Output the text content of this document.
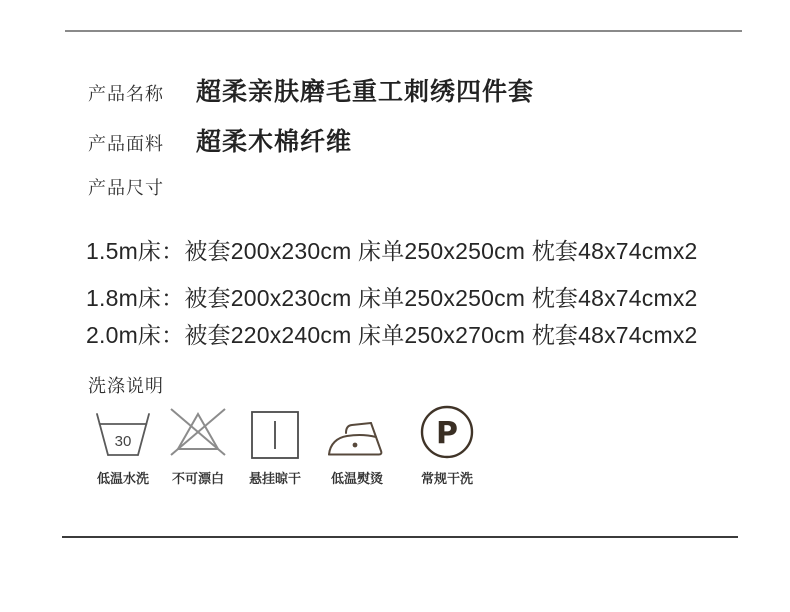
产品名称 超柔亲肤磨毛重工刺绣四件套
产品面料 超柔木棉纤维
产品尺寸
1.5m床：被套200x230cm 床单250x250cm 枕套48x74cmx2
1.8m床：被套200x230cm 床单250x250cm 枕套48x74cmx2
2.0m床：被套220x240cm 床单250x270cm 枕套48x74cmx2
洗涤说明
30
低温水洗 不可漂白 悬挂晾干 低温熨烫
P
常规干洗
